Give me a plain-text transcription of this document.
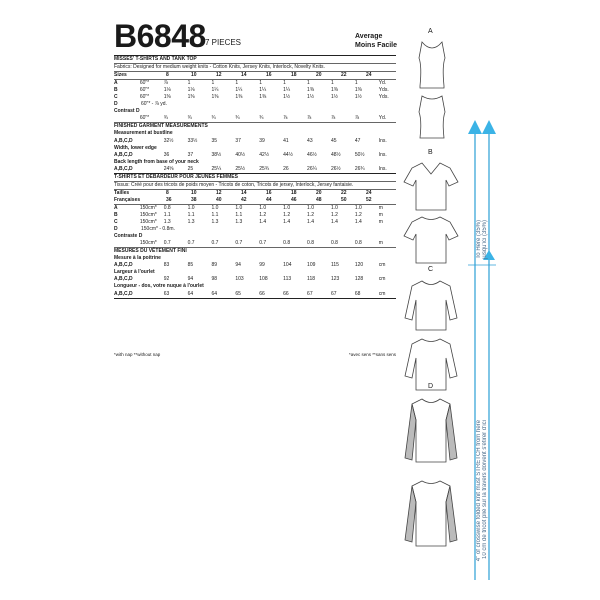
B6848 7 PIECES
Average
Moins Facile
MISSES' T-SHIRTS AND TANK TOP
Fabrics: Designed for medium weight knits - Cotton Knits, Jersey Knits, Interlock, Novelty Knits.
Sizes	8	10	12	14	16	18	20	22	24
A	60"*	⅞	1	1	1	1	1	1	1	1	Yd.
B	60"*	1⅛	1⅛	1¼	1¼	1¼	1¼	1⅜	1⅜	1⅜	Yds.
C	60"*	1⅜	1⅜	1⅜	1⅜	1⅜	1½	1½	1½	1½	Yds.
D	60"* - ⅞ yd.
Contrast D
60"*	¾	¾	¾	¾	¾	⅞	⅞	⅞	⅞	Yd.
FINISHED GARMENT MEASUREMENTS
Measurement at bustline
A,B,C,D	32½	33½	35	37	39	41	43	45	47	Ins.
Width, lower edge
A,B,C,D	36	37	38½	40½	42½	44½	46½	48½	50½	Ins.
Back length from base of your neck
A,B,C,D	24⅝	25	25¼	25½	25¾	26	26¼	26½	26¾	Ins.
T-SHIRTS ET DÉBARDEUR POUR JEUNES FEMMES
Tissus: Créé pour des tricots de poids moyen - Tricots de coton, Tricots de jersey, Interlock, Jersey fantaisie.
Tailles	8	10	12	14	16	18	20	22	24
Françaises	36	38	40	42	44	46	48	50	52
A	150cm*	0.8	1.0	1.0	1.0	1.0	1.0	1.0	1.0	1.0	m
B	150cm*	1.1	1.1	1.1	1.1	1.2	1.2	1.2	1.2	1.2	m
C	150cm*	1.3	1.3	1.3	1.3	1.4	1.4	1.4	1.4	1.4	m
D	150cm* - 0.8m.
Contraste D
150cm*	0.7	0.7	0.7	0.7	0.7	0.8	0.8	0.8	0.8	m
MESURES DU VÊTEMENT FINI
Mesure à la poitrine
A,B,C,D	83	85	89	94	99	104	109	115	120	cm
Largeur à l'ourlet
A,B,C,D	92	94	98	103	108	113	118	123	128	cm
Longueur - dos, votre nuque à l'ourlet
A,B,C,D	63	64	64	65	66	66	67	67	68	cm
*with nap **without nap	*avec sens **sans sens
A
B
C
D
To Here (35%) jusqu'ici (35%)
4" of crosswise folded knit must STRETCH from here 10 cm de tricot plié sur la travers doivent s'étirer d'ici
